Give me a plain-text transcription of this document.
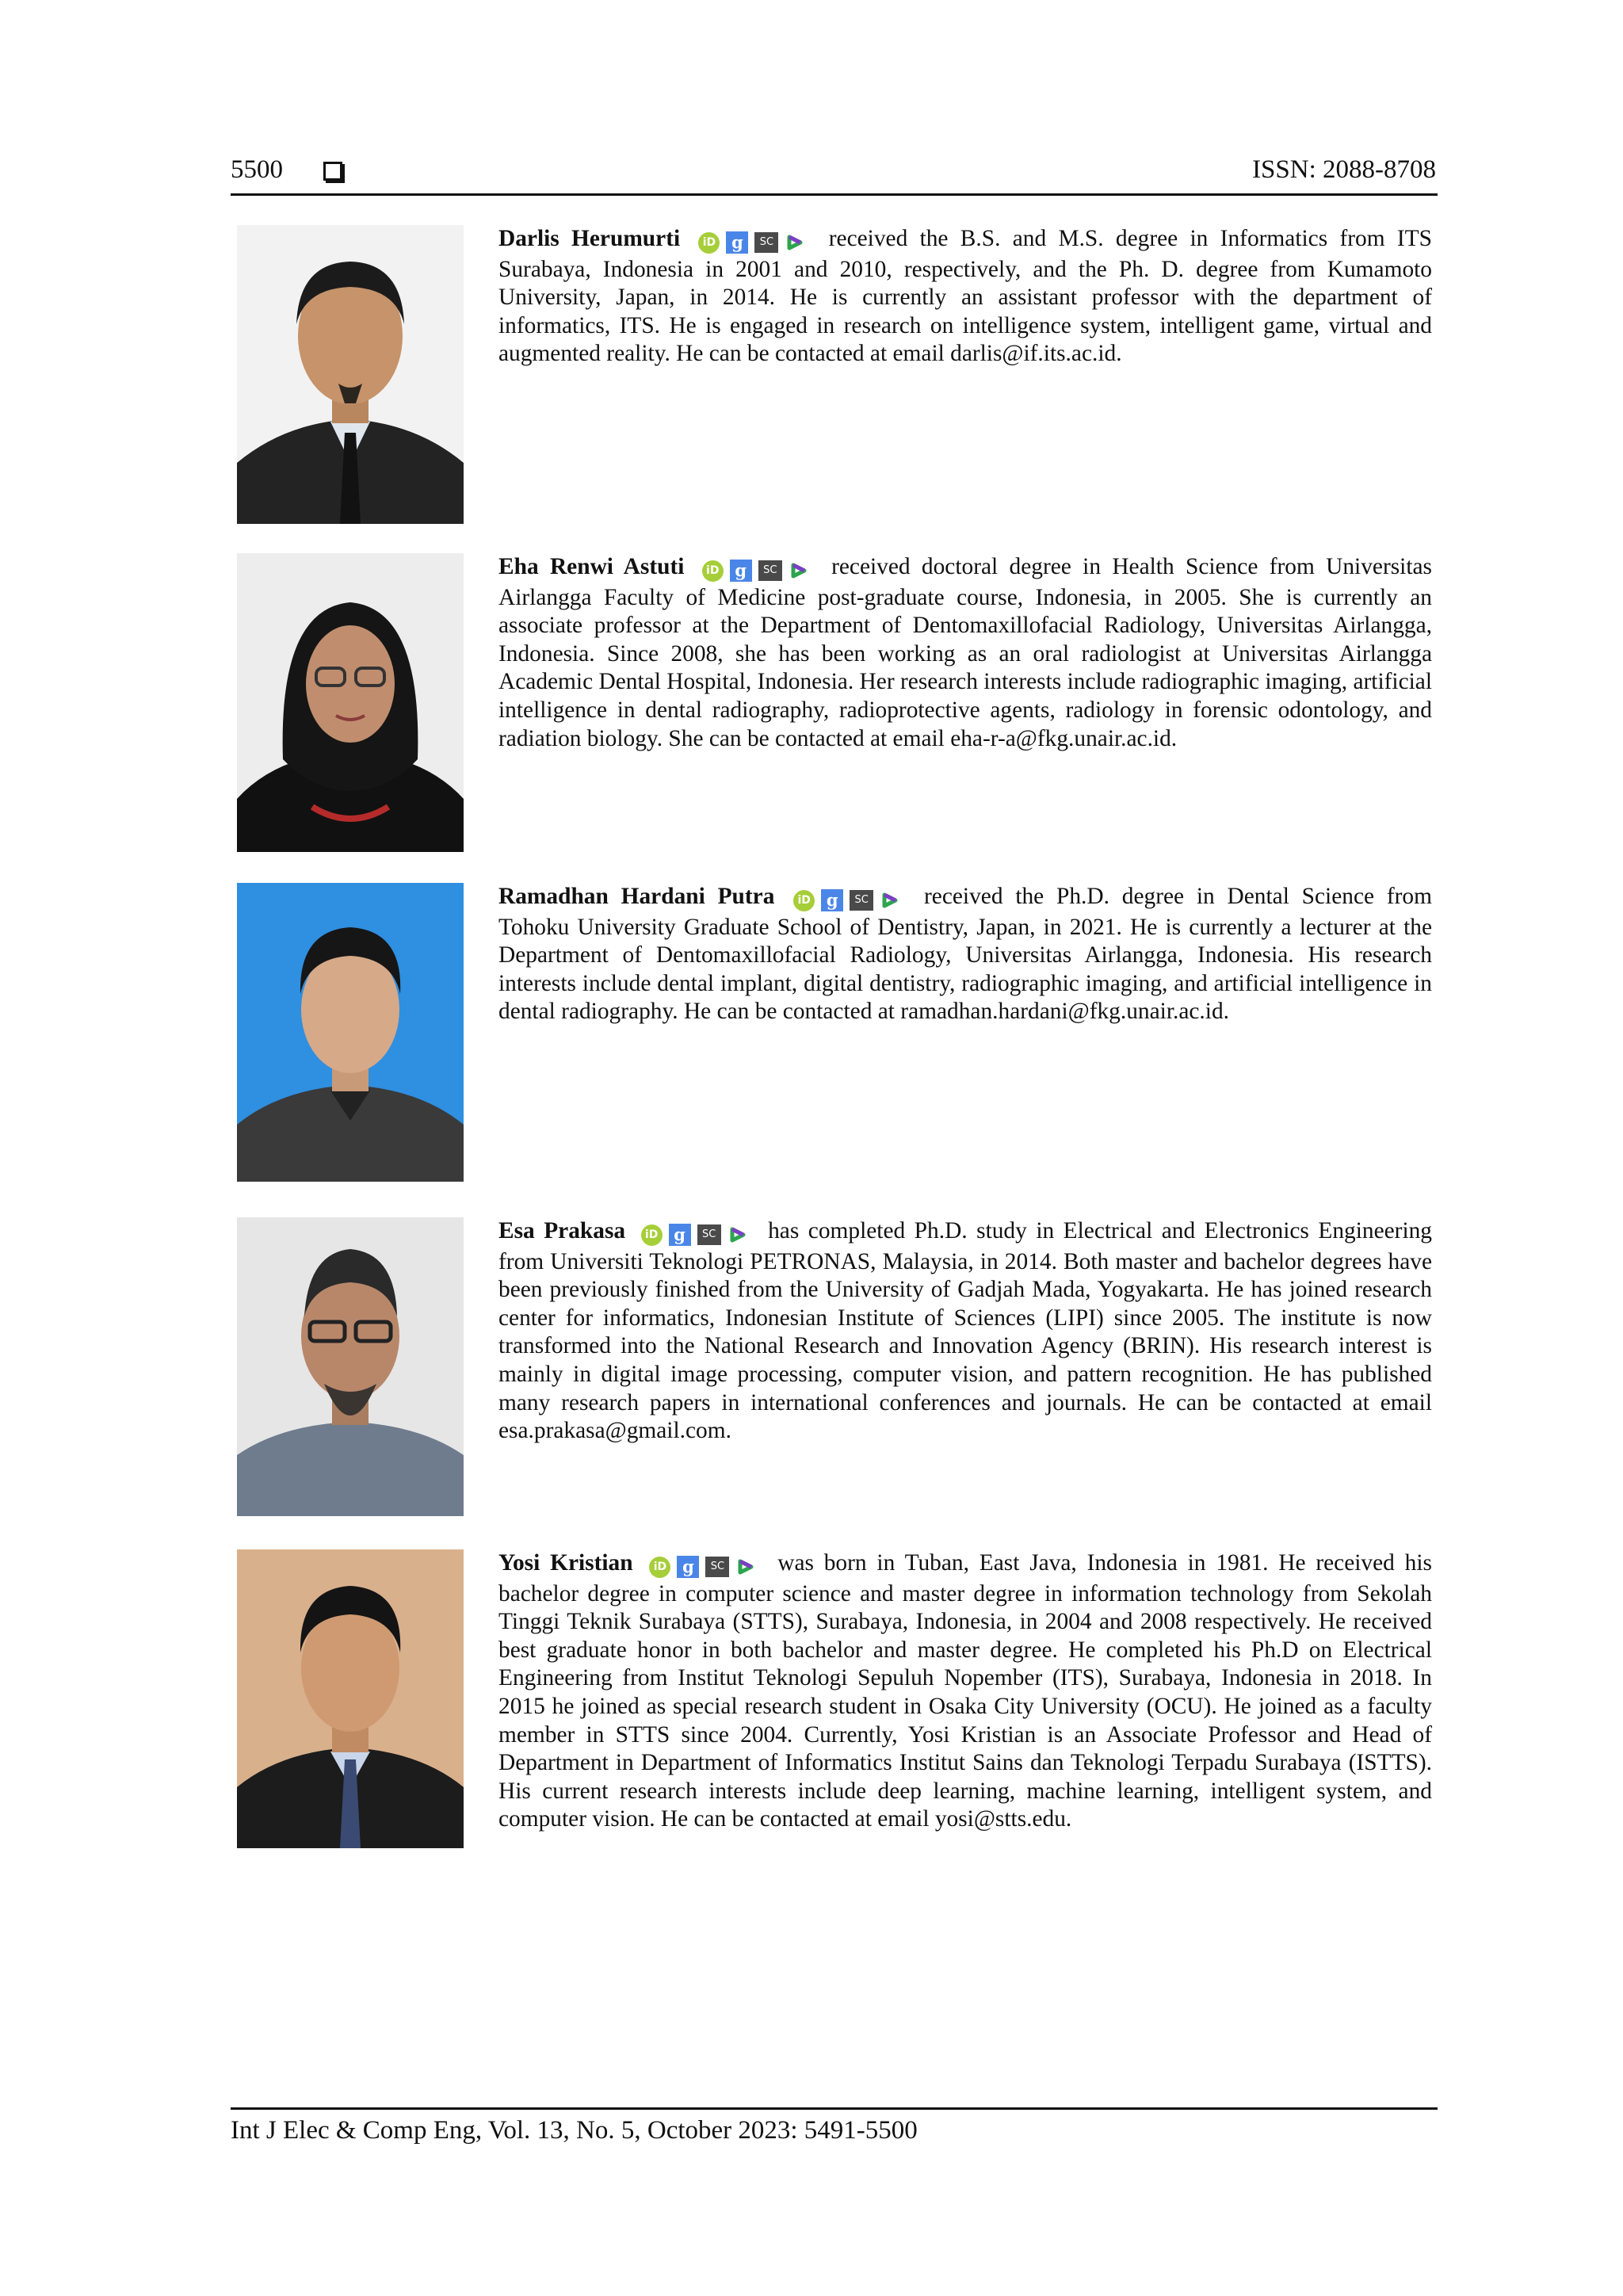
5500	ISSN: 2088-8708
Darlis Herumurti iD g SC received the B.S. and M.S. degree in Informatics from ITS Surabaya, Indonesia in 2001 and 2010, respectively, and the Ph. D. degree from Kumamoto University, Japan, in 2014. He is currently an assistant professor with the department of informatics, ITS. He is engaged in research on intelligence system, intelligent game, virtual and augmented reality. He can be contacted at email darlis@if.its.ac.id.
Eha Renwi Astuti iD g SC received doctoral degree in Health Science from Universitas Airlangga Faculty of Medicine post-graduate course, Indonesia, in 2005. She is currently an associate professor at the Department of Dentomaxillofacial Radiology, Universitas Airlangga, Indonesia. Since 2008, she has been working as an oral radiologist at Universitas Airlangga Academic Dental Hospital, Indonesia. Her research interests include radiographic imaging, artificial intelligence in dental radiography, radioprotective agents, radiology in forensic odontology, and radiation biology. She can be contacted at email eha-r-a@fkg.unair.ac.id.
Ramadhan Hardani Putra iD g SC received the Ph.D. degree in Dental Science from Tohoku University Graduate School of Dentistry, Japan, in 2021. He is currently a lecturer at the Department of Dentomaxillofacial Radiology, Universitas Airlangga, Indonesia. His research interests include dental implant, digital dentistry, radiographic imaging, and artificial intelligence in dental radiography. He can be contacted at ramadhan.hardani@fkg.unair.ac.id.
Esa Prakasa iD g SC has completed Ph.D. study in Electrical and Electronics Engineering from Universiti Teknologi PETRONAS, Malaysia, in 2014. Both master and bachelor degrees have been previously finished from the University of Gadjah Mada, Yogyakarta. He has joined research center for informatics, Indonesian Institute of Sciences (LIPI) since 2005. The institute is now transformed into the National Research and Innovation Agency (BRIN). His research interest is mainly in digital image processing, computer vision, and pattern recognition. He has published many research papers in international conferences and journals. He can be contacted at email esa.prakasa@gmail.com.
Yosi Kristian iD g SC was born in Tuban, East Java, Indonesia in 1981. He received his bachelor degree in computer science and master degree in information technology from Sekolah Tinggi Teknik Surabaya (STTS), Surabaya, Indonesia, in 2004 and 2008 respectively. He received best graduate honor in both bachelor and master degree. He completed his Ph.D on Electrical Engineering from Institut Teknologi Sepuluh Nopember (ITS), Surabaya, Indonesia in 2018. In 2015 he joined as special research student in Osaka City University (OCU). He joined as a faculty member in STTS since 2004. Currently, Yosi Kristian is an Associate Professor and Head of Department in Department of Informatics Institut Sains dan Teknologi Terpadu Surabaya (ISTTS). His current research interests include deep learning, machine learning, intelligent system, and computer vision. He can be contacted at email yosi@stts.edu.
Int J Elec & Comp Eng, Vol. 13, No. 5, October 2023: 5491-5500
